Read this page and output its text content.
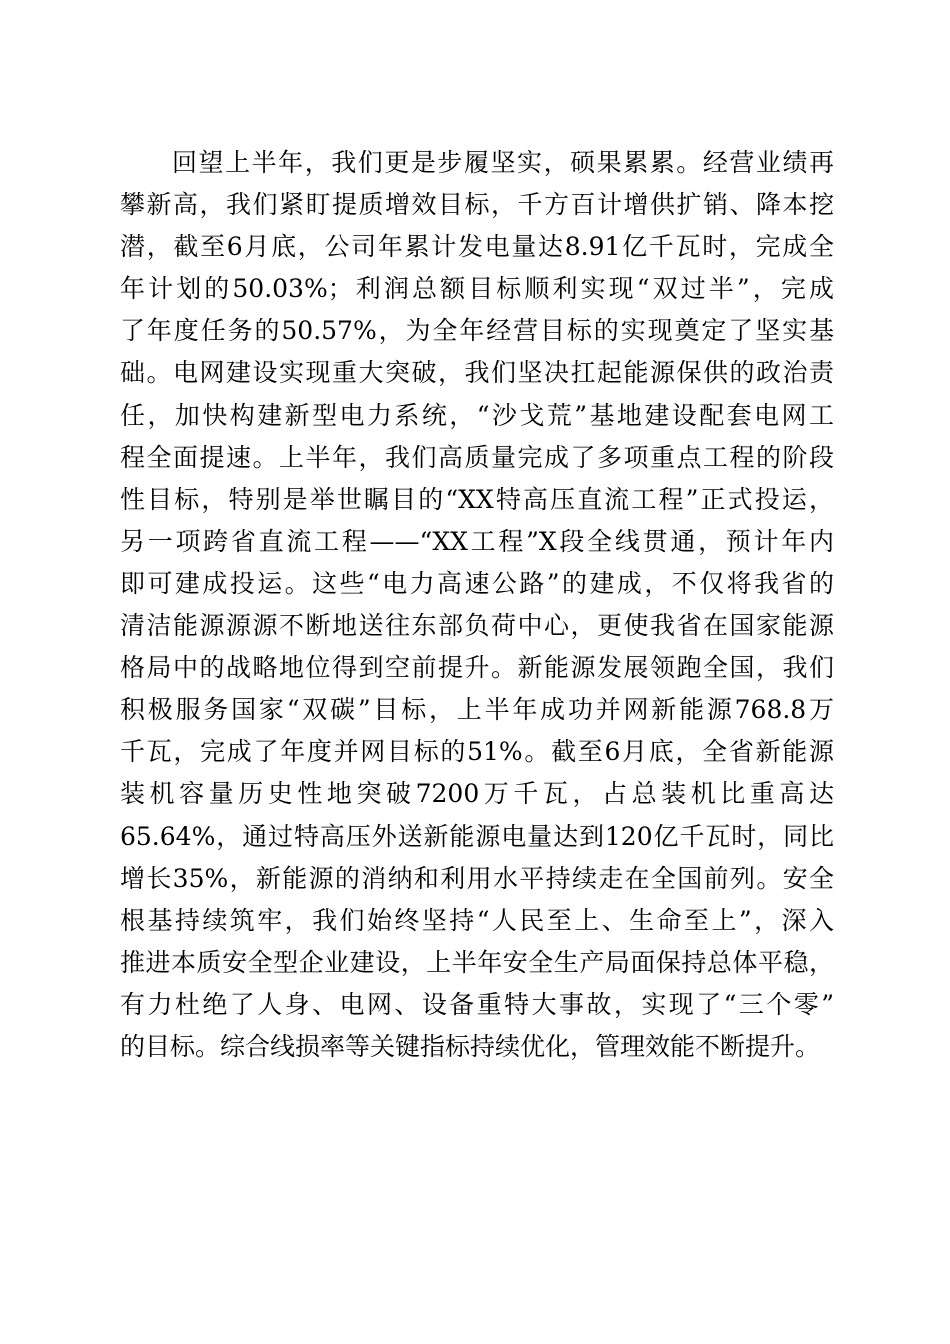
回望上半年，我们更是步履坚实，硕果累累。经营业绩再
攀新高，我们紧盯提质增效目标，千方百计增供扩销、降本挖
潜，截至6月底，公司年累计发电量达8.91亿千瓦时，完成全
年计划的50.03%；利润总额目标顺利实现“双过半”，完成
了年度任务的50.57%，为全年经营目标的实现奠定了坚实基
础。电网建设实现重大突破，我们坚决扛起能源保供的政治责
任，加快构建新型电力系统，“沙戈荒”基地建设配套电网工
程全面提速。上半年，我们高质量完成了多项重点工程的阶段
性目标，特别是举世瞩目的“XX特高压直流工程”正式投运，
另一项跨省直流工程——“XX工程”X段全线贯通，预计年内
即可建成投运。这些“电力高速公路”的建成，不仅将我省的
清洁能源源源不断地送往东部负荷中心，更使我省在国家能源
格局中的战略地位得到空前提升。新能源发展领跑全国，我们
积极服务国家“双碳”目标，上半年成功并网新能源768.8万
千瓦，完成了年度并网目标的51%。截至6月底，全省新能源
装机容量历史性地突破7200万千瓦，占总装机比重高达
65.64%，通过特高压外送新能源电量达到120亿千瓦时，同比
增长35%，新能源的消纳和利用水平持续走在全国前列。安全
根基持续筑牢，我们始终坚持“人民至上、生命至上”，深入
推进本质安全型企业建设，上半年安全生产局面保持总体平稳，
有力杜绝了人身、电网、设备重特大事故，实现了“三个零”
的目标。综合线损率等关键指标持续优化，管理效能不断提升。
